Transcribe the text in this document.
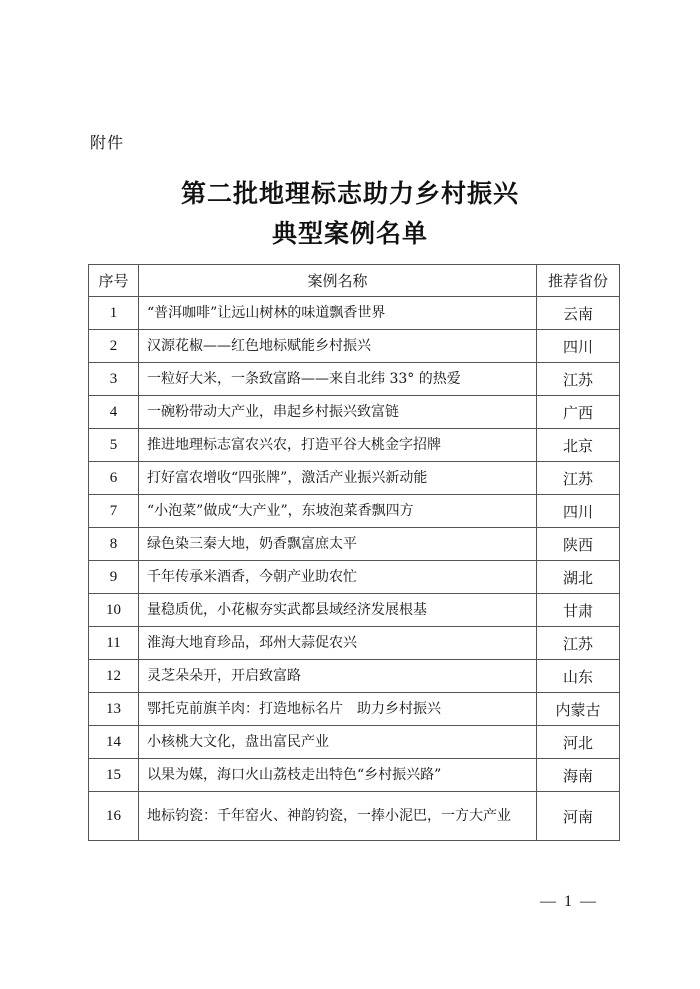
附件
第二批地理标志助力乡村振兴
典型案例名单
序号	案例名称	推荐省份
1	“普洱咖啡”让远山树林的味道飘香世界	云南
2	汉源花椒——红色地标赋能乡村振兴	四川
3	一粒好大米，一条致富路——来自北纬 33° 的热爱	江苏
4	一碗粉带动大产业，串起乡村振兴致富链	广西
5	推进地理标志富农兴农，打造平谷大桃金字招牌	北京
6	打好富农增收“四张牌”，激活产业振兴新动能	江苏
7	“小泡菜”做成“大产业”，东坡泡菜香飘四方	四川
8	绿色染三秦大地，奶香飘富庶太平	陕西
9	千年传承米酒香，今朝产业助农忙	湖北
10	量稳质优，小花椒夯实武都县域经济发展根基	甘肃
11	淮海大地育珍品，邳州大蒜促农兴	江苏
12	灵芝朵朵开，开启致富路	山东
13	鄂托克前旗羊肉：打造地标名片　助力乡村振兴	内蒙古
14	小核桃大文化，盘出富民产业	河北
15	以果为媒，海口火山荔枝走出特色“乡村振兴路”	海南
16	地标钧瓷：千年窑火、神韵钧瓷，一捧小泥巴，一方大产业	河南
— 1 —
